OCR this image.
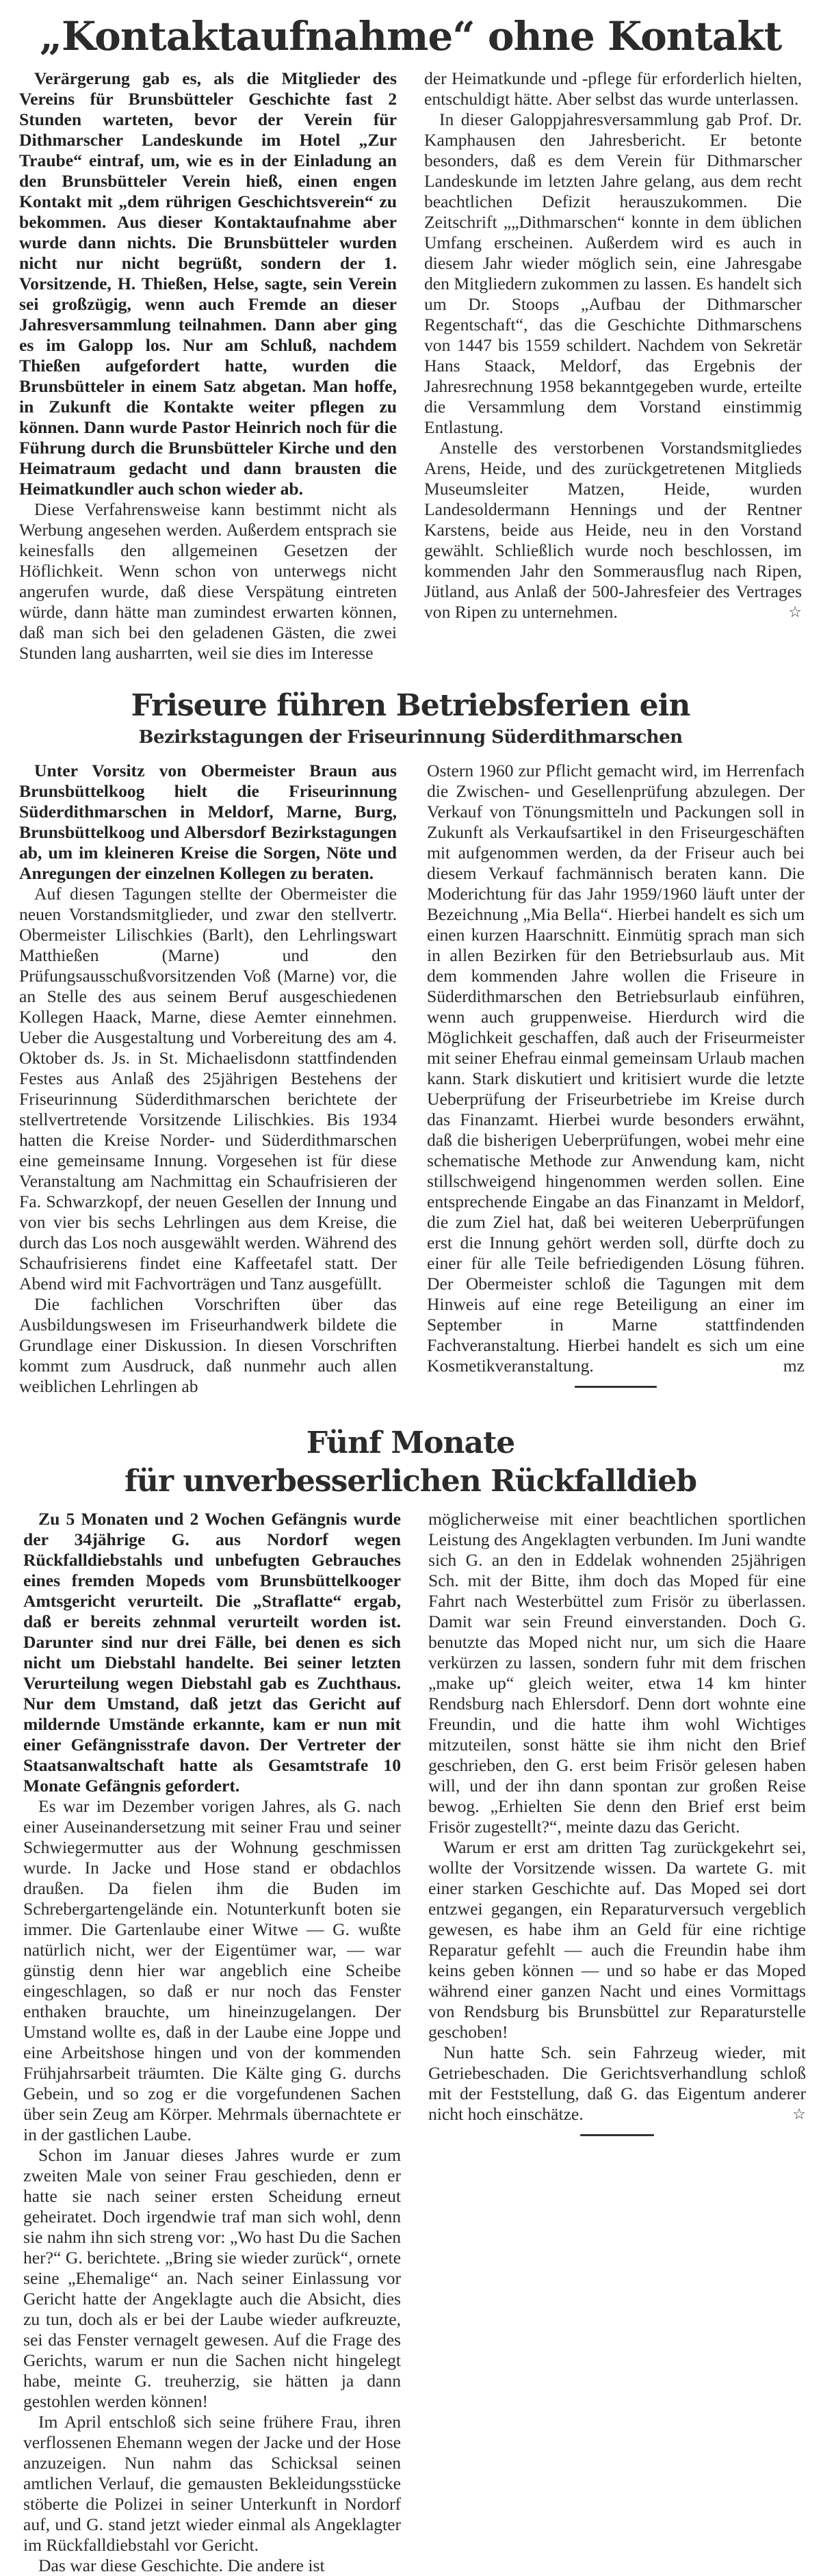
„Kontaktaufnahme“ ohne Kontakt

Verärgerung gab es, als die Mitglieder des Vereins für Brunsbütteler Geschichte fast 2 Stunden warteten, bevor der Verein für Dithmarscher Landeskunde im Hotel „Zur Traube“ eintraf, um, wie es in der Einladung an den Brunsbütteler Verein hieß, einen engen Kontakt mit „dem rührigen Geschichtsverein“ zu bekommen. Aus dieser Kontaktaufnahme aber wurde dann nichts. Die Brunsbütteler wurden nicht nur nicht begrüßt, sondern der 1. Vorsitzende, H. Thießen, Helse, sagte, sein Verein sei großzügig, wenn auch Fremde an dieser Jahresversammlung teilnahmen. Dann aber ging es im Galopp los. Nur am Schluß, nachdem Thießen aufgefordert hatte, wurden die Brunsbütteler in einem Satz abgetan. Man hoffe, in Zukunft die Kontakte weiter pflegen zu können. Dann wurde Pastor Heinrich noch für die Führung durch die Brunsbütteler Kirche und den Heimatraum gedacht und dann brausten die Heimatkundler auch schon wieder ab.

Diese Verfahrensweise kann bestimmt nicht als Werbung angesehen werden. Außerdem entsprach sie keinesfalls den allgemeinen Gesetzen der Höflichkeit. Wenn schon von unterwegs nicht angerufen wurde, daß diese Verspätung eintreten würde, dann hätte man zumindest erwarten können, daß man sich bei den geladenen Gästen, die zwei Stunden lang ausharrten, weil sie dies im Interesse

der Heimatkunde und -pflege für erforderlich hielten, entschuldigt hätte. Aber selbst das wurde unterlassen.

In dieser Galoppjahresversammlung gab Prof. Dr. Kamphausen den Jahresbericht. Er betonte besonders, daß es dem Verein für Dithmarscher Landeskunde im letzten Jahre gelang, aus dem recht beachtlichen Defizit herauszukommen. Die Zeitschrift „„Dithmarschen“ konnte in dem üblichen Umfang erscheinen. Außerdem wird es auch in diesem Jahr wieder möglich sein, eine Jahresgabe den Mitgliedern zukommen zu lassen. Es handelt sich um Dr. Stoops „Aufbau der Dithmarscher Regentschaft“, das die Geschichte Dithmarschens von 1447 bis 1559 schildert. Nachdem von Sekretär Hans Staack, Meldorf, das Ergebnis der Jahresrechnung 1958 bekanntgegeben wurde, erteilte die Versammlung dem Vorstand einstimmig Entlastung.

Anstelle des verstorbenen Vorstandsmitgliedes Arens, Heide, und des zurückgetretenen Mitglieds Museumsleiter Matzen, Heide, wurden Landesoldermann Hennings und der Rentner Karstens, beide aus Heide, neu in den Vorstand gewählt. Schließlich wurde noch beschlossen, im kommenden Jahr den Sommerausflug nach Ripen, Jütland, aus Anlaß der 500-Jahresfeier des Vertrages von Ripen zu unternehmen.	☆

Friseure führen Betriebsferien ein
Bezirkstagungen der Friseurinnung Süderdithmarschen

Unter Vorsitz von Obermeister Braun aus Brunsbüttelkoog hielt die Friseurinnung Süderdithmarschen in Meldorf, Marne, Burg, Brunsbüttelkoog und Albersdorf Bezirkstagungen ab, um im kleineren Kreise die Sorgen, Nöte und Anregungen der einzelnen Kollegen zu beraten.

Auf diesen Tagungen stellte der Obermeister die neuen Vorstandsmitglieder, und zwar den stellvertr. Obermeister Lilischkies (Barlt), den Lehrlingswart Matthießen (Marne) und den Prüfungsausschußvorsitzenden Voß (Marne) vor, die an Stelle des aus seinem Beruf ausgeschiedenen Kollegen Haack, Marne, diese Aemter einnehmen. Ueber die Ausgestaltung und Vorbereitung des am 4. Oktober ds. Js. in St. Michaelisdonn stattfindenden Festes aus Anlaß des 25jährigen Bestehens der Friseurinnung Süderdithmarschen berichtete der stellvertretende Vorsitzende Lilischkies. Bis 1934 hatten die Kreise Norder- und Süderdithmarschen eine gemeinsame Innung. Vorgesehen ist für diese Veranstaltung am Nachmittag ein Schaufrisieren der Fa. Schwarzkopf, der neuen Gesellen der Innung und von vier bis sechs Lehrlingen aus dem Kreise, die durch das Los noch ausgewählt werden. Während des Schaufrisierens findet eine Kaffeetafel statt. Der Abend wird mit Fachvorträgen und Tanz ausgefüllt.

Die fachlichen Vorschriften über das Ausbildungswesen im Friseurhandwerk bildete die Grundlage einer Diskussion. In diesen Vorschriften kommt zum Ausdruck, daß nunmehr auch allen weiblichen Lehrlingen ab

Ostern 1960 zur Pflicht gemacht wird, im Herrenfach die Zwischen- und Gesellenprüfung abzulegen. Der Verkauf von Tönungsmitteln und Packungen soll in Zukunft als Verkaufsartikel in den Friseurgeschäften mit aufgenommen werden, da der Friseur auch bei diesem Verkauf fachmännisch beraten kann. Die Moderichtung für das Jahr 1959/1960 läuft unter der Bezeichnung „Mia Bella“. Hierbei handelt es sich um einen kurzen Haarschnitt. Einmütig sprach man sich in allen Bezirken für den Betriebsurlaub aus. Mit dem kommenden Jahre wollen die Friseure in Süderdithmarschen den Betriebsurlaub einführen, wenn auch gruppenweise. Hierdurch wird die Möglichkeit geschaffen, daß auch der Friseurmeister mit seiner Ehefrau einmal gemeinsam Urlaub machen kann. Stark diskutiert und kritisiert wurde die letzte Ueberprüfung der Friseurbetriebe im Kreise durch das Finanzamt. Hierbei wurde besonders erwähnt, daß die bisherigen Ueberprüfungen, wobei mehr eine schematische Methode zur Anwendung kam, nicht stillschweigend hingenommen werden sollen. Eine entsprechende Eingabe an das Finanzamt in Meldorf, die zum Ziel hat, daß bei weiteren Ueberprüfungen erst die Innung gehört werden soll, dürfte doch zu einer für alle Teile befriedigenden Lösung führen. Der Obermeister schloß die Tagungen mit dem Hinweis auf eine rege Beteiligung an einer im September in Marne stattfindenden Fachveranstaltung. Hierbei handelt es sich um eine Kosmetikveranstaltung.	mz

Fünf Monate
für unverbesserlichen Rückfalldieb

Zu 5 Monaten und 2 Wochen Gefängnis wurde der 34jährige G. aus Nordorf wegen Rückfalldiebstahls und unbefugten Gebrauches eines fremden Mopeds vom Brunsbüttelkooger Amtsgericht verurteilt. Die „Straflatte“ ergab, daß er bereits zehnmal verurteilt worden ist. Darunter sind nur drei Fälle, bei denen es sich nicht um Diebstahl handelte. Bei seiner letzten Verurteilung wegen Diebstahl gab es Zuchthaus. Nur dem Umstand, daß jetzt das Gericht auf mildernde Umstände erkannte, kam er nun mit einer Gefängnisstrafe davon. Der Vertreter der Staatsanwaltschaft hatte als Gesamtstrafe 10 Monate Gefängnis gefordert.

Es war im Dezember vorigen Jahres, als G. nach einer Auseinandersetzung mit seiner Frau und seiner Schwiegermutter aus der Wohnung geschmissen wurde. In Jacke und Hose stand er obdachlos draußen. Da fielen ihm die Buden im Schrebergartengelände ein. Notunterkunft boten sie immer. Die Gartenlaube einer Witwe — G. wußte natürlich nicht, wer der Eigentümer war, — war günstig denn hier war angeblich eine Scheibe eingeschlagen, so daß er nur noch das Fenster enthaken brauchte, um hineinzugelangen. Der Umstand wollte es, daß in der Laube eine Joppe und eine Arbeitshose hingen und von der kommenden Frühjahrsarbeit träumten. Die Kälte ging G. durchs Gebein, und so zog er die vorgefundenen Sachen über sein Zeug am Körper. Mehrmals übernachtete er in der gastlichen Laube.

Schon im Januar dieses Jahres wurde er zum zweiten Male von seiner Frau geschieden, denn er hatte sie nach seiner ersten Scheidung erneut geheiratet. Doch irgendwie traf man sich wohl, denn sie nahm ihn sich streng vor: „Wo hast Du die Sachen her?“ G. berichtete. „Bring sie wieder zurück“, ornete seine „Ehemalige“ an. Nach seiner Einlassung vor Gericht hatte der Angeklagte auch die Absicht, dies zu tun, doch als er bei der Laube wieder aufkreuzte, sei das Fenster vernagelt gewesen. Auf die Frage des Gerichts, warum er nun die Sachen nicht hingelegt habe, meinte G. treuherzig, sie hätten ja dann gestohlen werden können!

Im April entschloß sich seine frühere Frau, ihren verflossenen Ehemann wegen der Jacke und der Hose anzuzeigen. Nun nahm das Schicksal seinen amtlichen Verlauf, die gemausten Bekleidungsstücke stöberte die Polizei in seiner Unterkunft in Nordorf auf, und G. stand jetzt wieder einmal als Angeklagter im Rückfalldiebstahl vor Gericht.

Das war diese Geschichte. Die andere ist

möglicherweise mit einer beachtlichen sportlichen Leistung des Angeklagten verbunden. Im Juni wandte sich G. an den in Eddelak wohnenden 25jährigen Sch. mit der Bitte, ihm doch das Moped für eine Fahrt nach Westerbüttel zum Frisör zu überlassen. Damit war sein Freund einverstanden. Doch G. benutzte das Moped nicht nur, um sich die Haare verkürzen zu lassen, sondern fuhr mit dem frischen „make up“ gleich weiter, etwa 14 km hinter Rendsburg nach Ehlersdorf. Denn dort wohnte eine Freundin, und die hatte ihm wohl Wichtiges mitzuteilen, sonst hätte sie ihm nicht den Brief geschrieben, den G. erst beim Frisör gelesen haben will, und der ihn dann spontan zur großen Reise bewog. „Erhielten Sie denn den Brief erst beim Frisör zugestellt?“, meinte dazu das Gericht.

Warum er erst am dritten Tag zurückgekehrt sei, wollte der Vorsitzende wissen. Da wartete G. mit einer starken Geschichte auf. Das Moped sei dort entzwei gegangen, ein Reparaturversuch vergeblich gewesen, es habe ihm an Geld für eine richtige Reparatur gefehlt — auch die Freundin habe ihm keins geben können — und so habe er das Moped während einer ganzen Nacht und eines Vormittags von Rendsburg bis Brunsbüttel zur Reparaturstelle geschoben!

Nun hatte Sch. sein Fahrzeug wieder, mit Getriebeschaden. Die Gerichtsverhandlung schloß mit der Feststellung, daß G. das Eigentum anderer nicht hoch einschätze.	☆
